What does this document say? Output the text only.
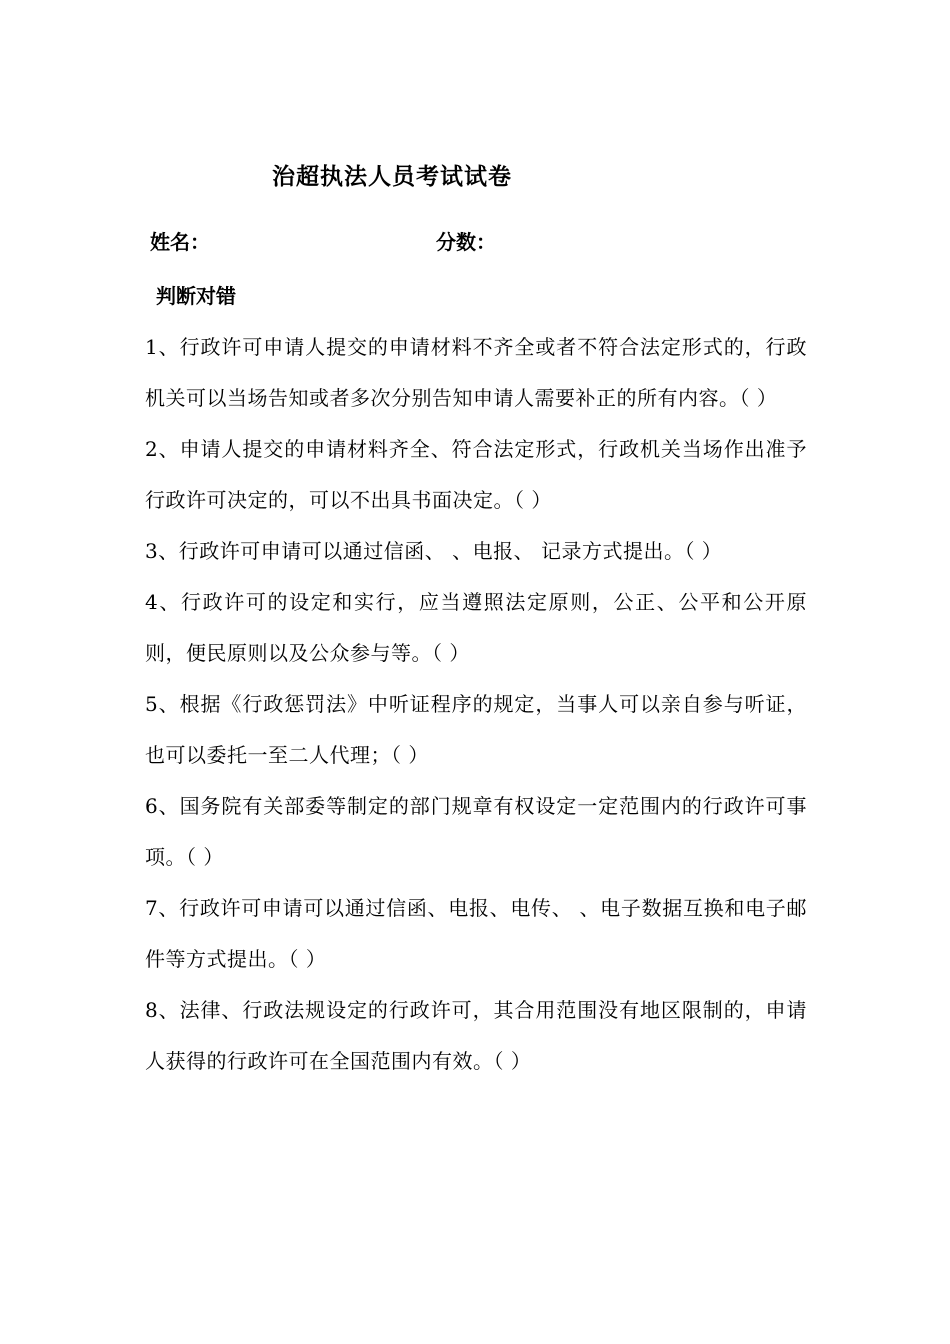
治超执法人员考试试卷
姓名：	分数：
判断对错
1、行政许可申请人提交的申请材料不齐全或者不符合法定形式的，行政机关可以当场告知或者多次分别告知申请人需要补正的所有内容。（ ）
2、申请人提交的申请材料齐全、符合法定形式，行政机关当场作出准予行政许可决定的，可以不出具书面决定。（ ）
3、行政许可申请可以通过信函、 、电报、 记录方式提出。（ ）
4、行政许可的设定和实行，应当遵照法定原则，公正、公平和公开原则，便民原则以及公众参与等。（ ）
5、根据《行政惩罚法》中听证程序的规定，当事人可以亲自参与听证，也可以委托一至二人代理；（ ）
6、国务院有关部委等制定的部门规章有权设定一定范围内的行政许可事项。（ ）
7、行政许可申请可以通过信函、电报、电传、 、电子数据互换和电子邮件等方式提出。（ ）
8、法律、行政法规设定的行政许可，其合用范围没有地区限制的，申请人获得的行政许可在全国范围内有效。（ ）
